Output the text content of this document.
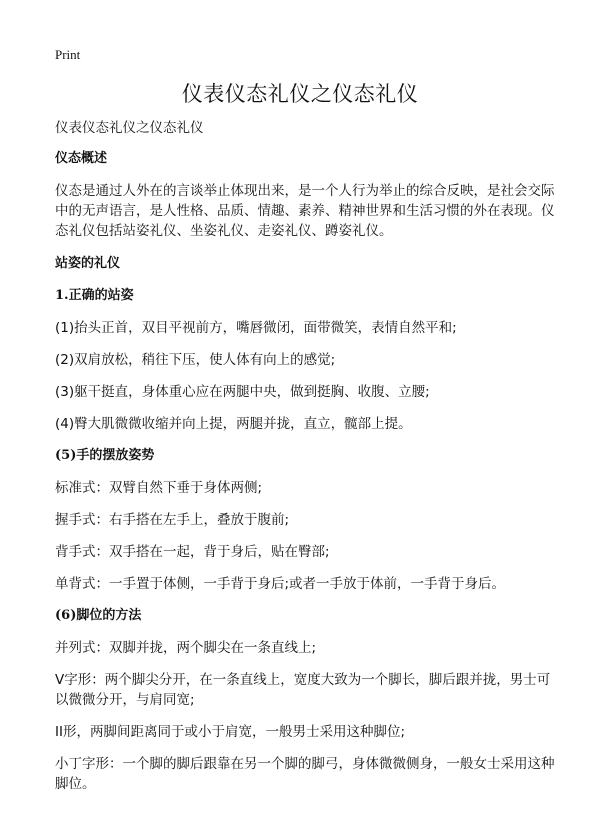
Print
仪表仪态礼仪之仪态礼仪

仪表仪态礼仪之仪态礼仪

仪态概述

仪态是通过人外在的言谈举止体现出来，是一个人行为举止的综合反映，是社会交际中的无声语言，是人性格、品质、情趣、素养、精神世界和生活习惯的外在表现。仪态礼仪包括站姿礼仪、坐姿礼仪、走姿礼仪、蹲姿礼仪。

站姿的礼仪
1.正确的站姿

(1)抬头正首，双目平视前方，嘴唇微闭，面带微笑，表情自然平和;

(2)双肩放松，稍往下压，使人体有向上的感觉;

(3)躯干挺直，身体重心应在两腿中央，做到挺胸、收腹、立腰;

(4)臀大肌微微收缩并向上提，两腿并拢，直立，髋部上提。

(5)手的摆放姿势

标准式：双臂自然下垂于身体两侧;

握手式：右手搭在左手上，叠放于腹前;

背手式：双手搭在一起，背于身后，贴在臀部;

单背式：一手置于体侧，一手背于身后;或者一手放于体前，一手背于身后。

(6)脚位的方法

并列式：双脚并拢，两个脚尖在一条直线上;

V字形：两个脚尖分开，在一条直线上，宽度大致为一个脚长，脚后跟并拢，男士可以微微分开，与肩同宽;

II形，两脚间距离同于或小于肩宽，一般男士采用这种脚位;

小丁字形：一个脚的脚后跟靠在另一个脚的脚弓，身体微微侧身，一般女士采用这种脚位。
